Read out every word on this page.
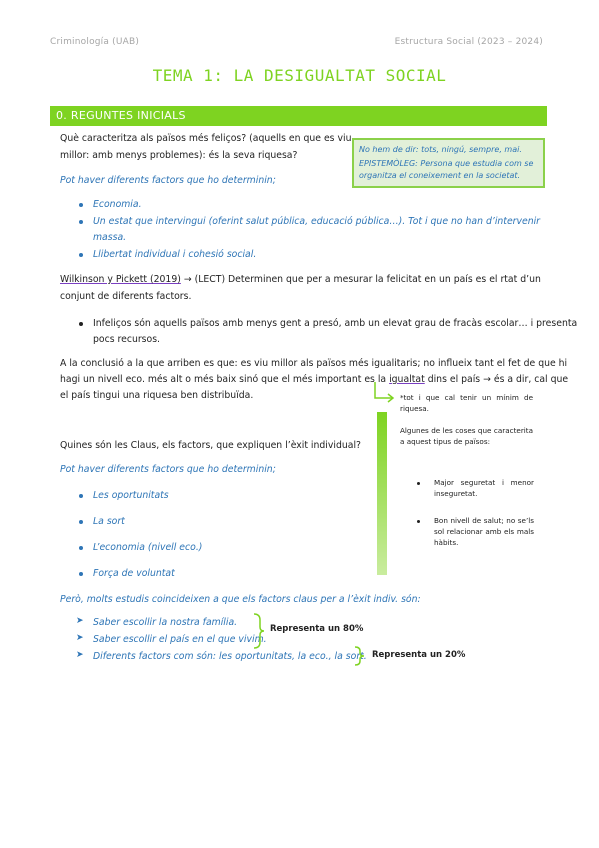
Criminología (UAB)	Estructura Social (2023 – 2024)
TEMA 1: LA DESIGUALTAT SOCIAL
0. REGUNTES INICIALS
Què caracteritza als països més feliços? (aquells en que es viu
millor: amb menys problemes): és la seva riquesa?

No hem de dir: tots, ningú, sempre, mai.

EPISTEMÒLEG: Persona que estudia com se organitza el coneixement en la societat.

Pot haver diferents factors que ho determinin;
Economia.
Un estat que intervingui (oferint salut pública, educació pública…). Tot i que no han d’intervenir
massa.
Llibertat individual i cohesió social.
Wilkinson y Pickett (2019) → (LECT) Determinen que per a mesurar la felicitat en un país es el rtat d’un
conjunt de diferents factors.
Infeliços són aquells països amb menys gent a presó, amb un elevat grau de fracàs escolar… i presenta
pocs recursos.
A la conclusió a la que arriben es que: es viu millor als països més igualitaris; no influeix tant el fet de que hi
hagi un nivell eco. més alt o més baix sinó que el més important es la igualtat dins el país → és a dir, cal que
el país tingui una riquesa ben distribuïda.	*tot i que cal tenir un mínim de riquesa.
Algunes de les coses que caracterita a aquest tipus de països:
Major seguretat i menor inseguretat.
Bon nivell de salut; no se’ls sol relacionar amb els mals hàbits.
Quines són les Claus, els factors, que expliquen l’èxit individual?
Pot haver diferents factors que ho determinin;
Les oportunitats
La sort
L’economia (nivell eco.)
Força de voluntat
Però, molts estudis coincideixen a que els factors claus per a l’èxit indiv. són:
➤ Saber escollir la nostra família.
➤ Saber escollir el país en el que vivim.
➤ Diferents factors com són: les oportunitats, la eco., la sort.
Representa un 80%
Representa un 20%
